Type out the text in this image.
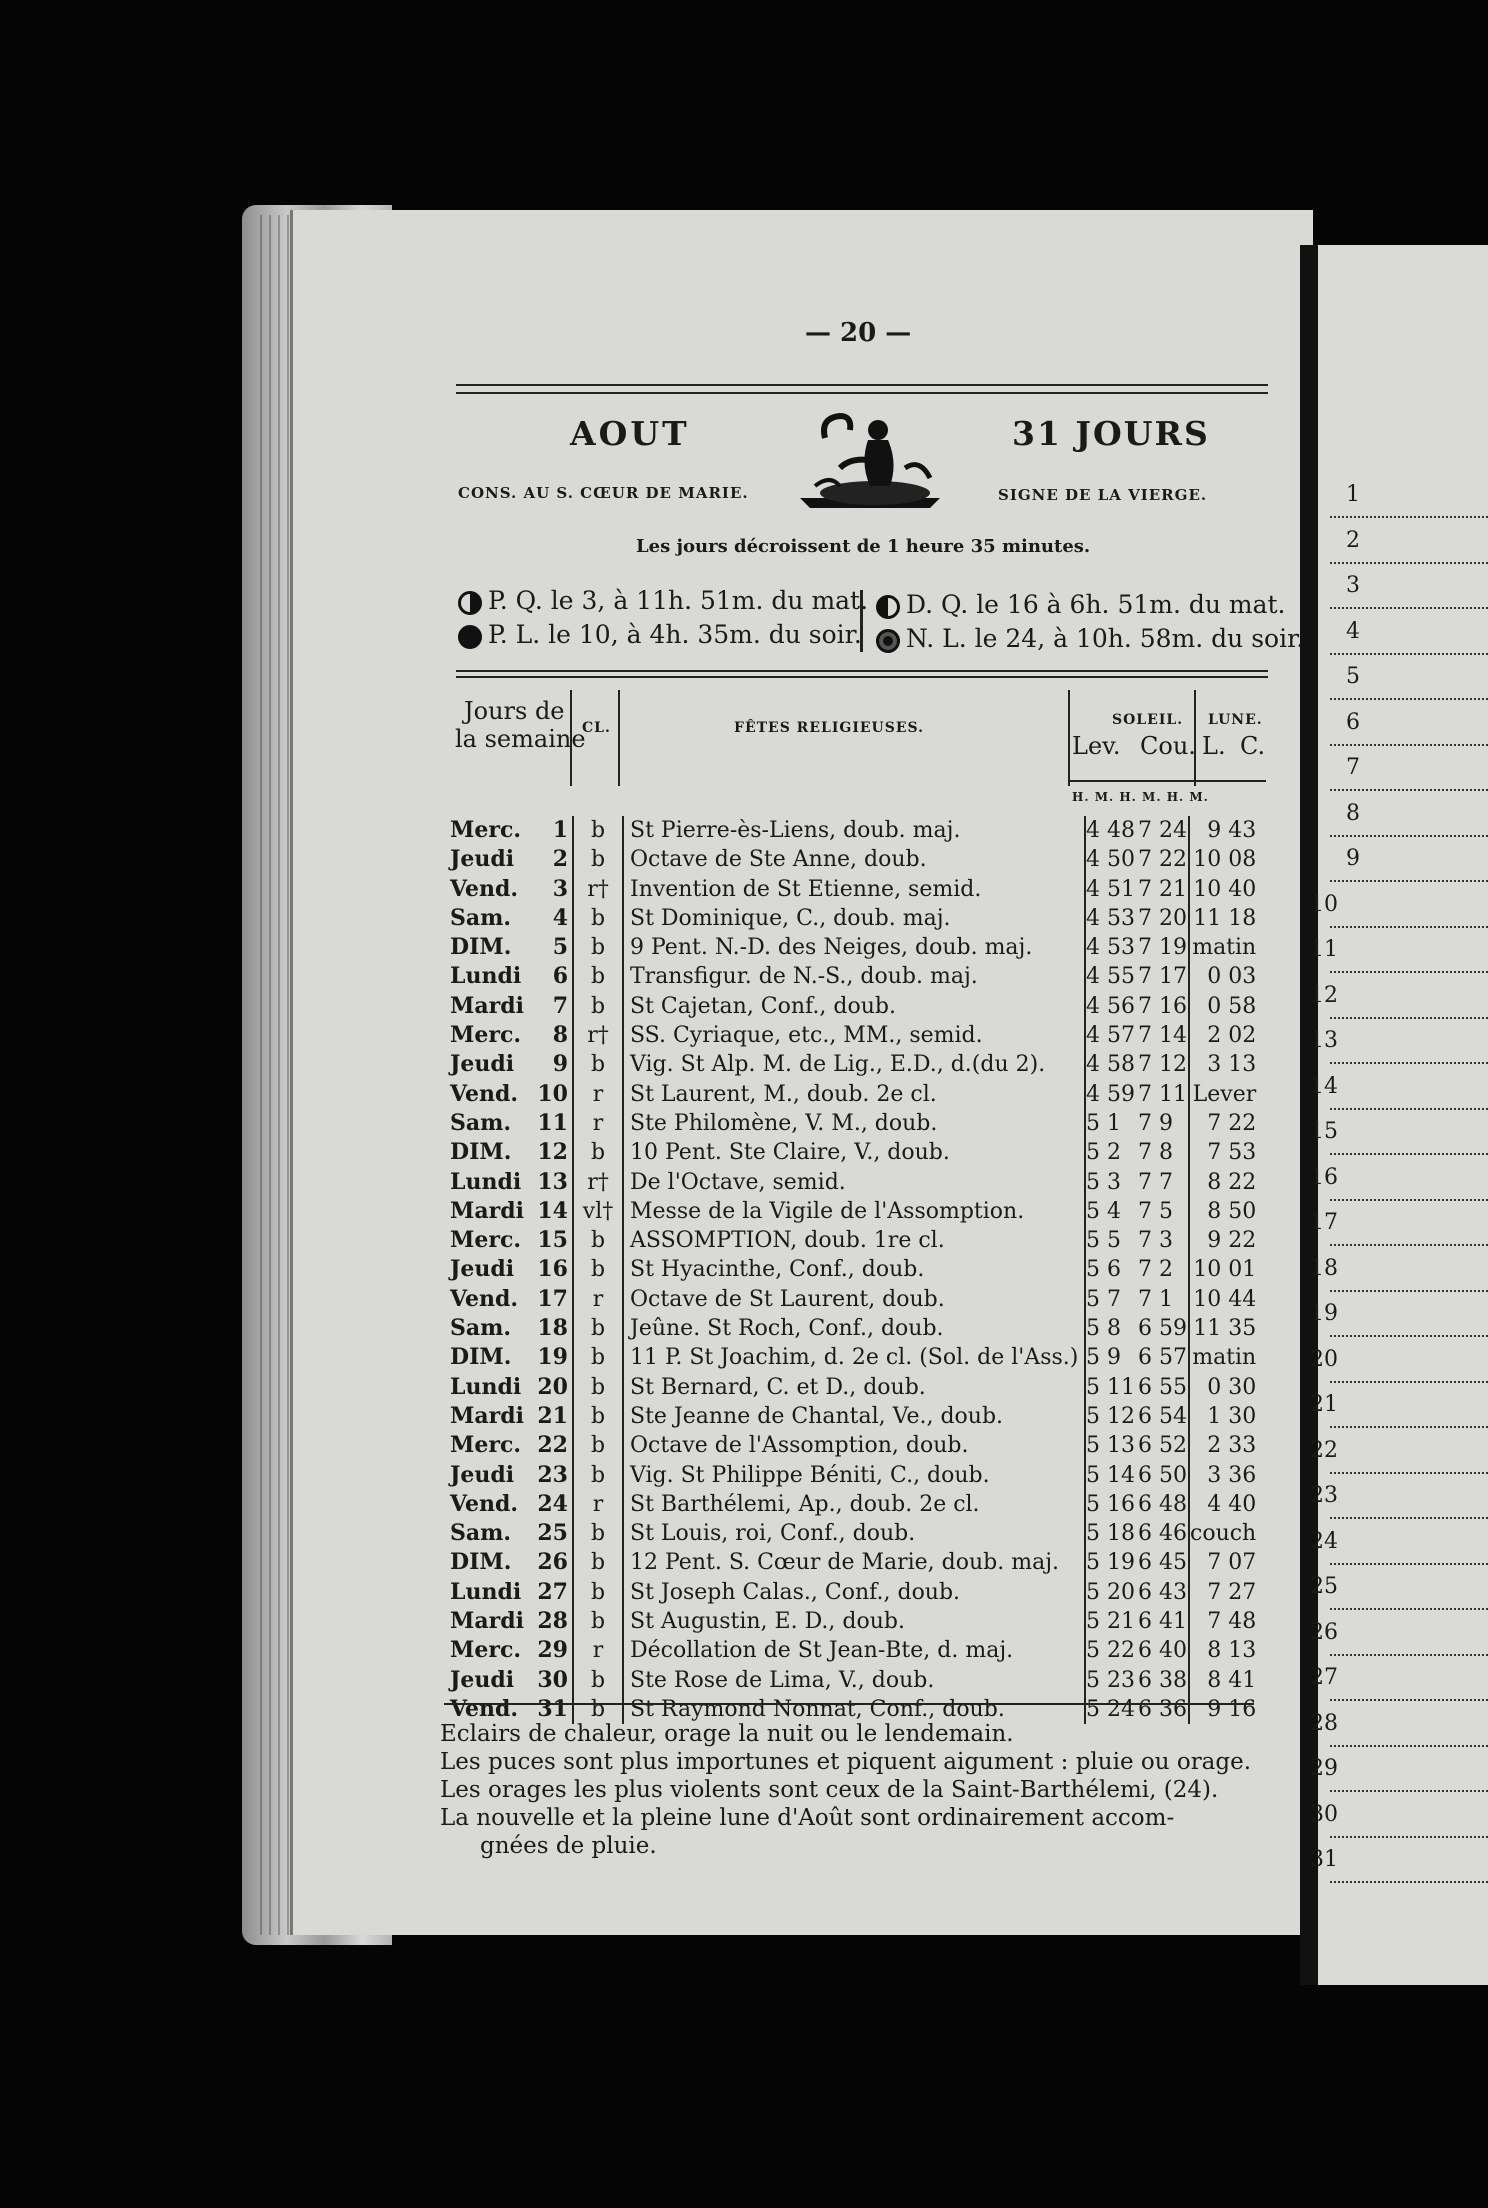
— 20 —
AOUT	31 JOURS
CONS. AU S. CŒUR DE MARIE.	SIGNE DE LA VIERGE.
Les jours décroissent de 1 heure 35 minutes.
P. Q. le 3, à 11h. 51m. du mat.
P. L. le 10, à 4h. 35m. du soir.
D. Q. le 16 à 6h. 51m. du mat.
N. L. le 24, à 10h. 58m. du soir.
Jours de
la semaine
CL.	FÊTES RELIGIEUSES.	SOLEIL. LUNE.
Lev. Cou. L. C.
H. M. H. M. H. M.
Merc.	1	b	St Pierre-ès-Liens, doub. maj.	4 48	7 24	9 43
Jeudi	2	b	Octave de Ste Anne, doub.	4 50	7 22	10 08
Vend.	3	r†	Invention de St Etienne, semid.	4 51	7 21	10 40
Sam.	4	b	St Dominique, C., doub. maj.	4 53	7 20	11 18
DIM.	5	b	9 Pent. N.-D. des Neiges, doub. maj.	4 53	7 19	matin
Lundi	6	b	Transfigur. de N.-S., doub. maj.	4 55	7 17	0 03
Mardi	7	b	St Cajetan, Conf., doub.	4 56	7 16	0 58
Merc.	8	r†	SS. Cyriaque, etc., MM., semid.	4 57	7 14	2 02
Jeudi	9	b	Vig. St Alp. M. de Lig., E.D., d.(du 2).	4 58	7 12	3 13
Vend.	10	r	St Laurent, M., doub. 2e cl.	4 59	7 11	Lever
Sam.	11	r	Ste Philomène, V. M., doub.	5 1	7 9	7 22
DIM.	12	b	10 Pent. Ste Claire, V., doub.	5 2	7 8	7 53
Lundi	13	r†	De l'Octave, semid.	5 3	7 7	8 22
Mardi	14	vl†	Messe de la Vigile de l'Assomption.	5 4	7 5	8 50
Merc.	15	b	ASSOMPTION, doub. 1re cl.	5 5	7 3	9 22
Jeudi	16	b	St Hyacinthe, Conf., doub.	5 6	7 2	10 01
Vend.	17	r	Octave de St Laurent, doub.	5 7	7 1	10 44
Sam.	18	b	Jeûne. St Roch, Conf., doub.	5 8	6 59	11 35
DIM.	19	b	11 P. St Joachim, d. 2e cl. (Sol. de l'Ass.)	5 9	6 57	matin
Lundi	20	b	St Bernard, C. et D., doub.	5 11	6 55	0 30
Mardi	21	b	Ste Jeanne de Chantal, Ve., doub.	5 12	6 54	1 30
Merc.	22	b	Octave de l'Assomption, doub.	5 13	6 52	2 33
Jeudi	23	b	Vig. St Philippe Béniti, C., doub.	5 14	6 50	3 36
Vend.	24	r	St Barthélemi, Ap., doub. 2e cl.	5 16	6 48	4 40
Sam.	25	b	St Louis, roi, Conf., doub.	5 18	6 46	couch
DIM.	26	b	12 Pent. S. Cœur de Marie, doub. maj.	5 19	6 45	7 07
Lundi	27	b	St Joseph Calas., Conf., doub.	5 20	6 43	7 27
Mardi	28	b	St Augustin, E. D., doub.	5 21	6 41	7 48
Merc.	29	r	Décollation de St Jean-Bte, d. maj.	5 22	6 40	8 13
Jeudi	30	b	Ste Rose de Lima, V., doub.	5 23	6 38	8 41
Vend.	31	b	St Raymond Nonnat, Conf., doub.	5 24	6 36	9 16
Eclairs de chaleur, orage la nuit ou le lendemain.
Les puces sont plus importunes et piquent aigument : pluie ou orage.
Les orages les plus violents sont ceux de la Saint-Barthélemi, (24).
La nouvelle et la pleine lune d'Août sont ordinairement accom-
gnées de pluie.
1
2
3
4
5
6
7
8
9
10
11
12
13
14
15
16
17
18
19
20
21
22
23
24
25
26
27
28
29
30
31
